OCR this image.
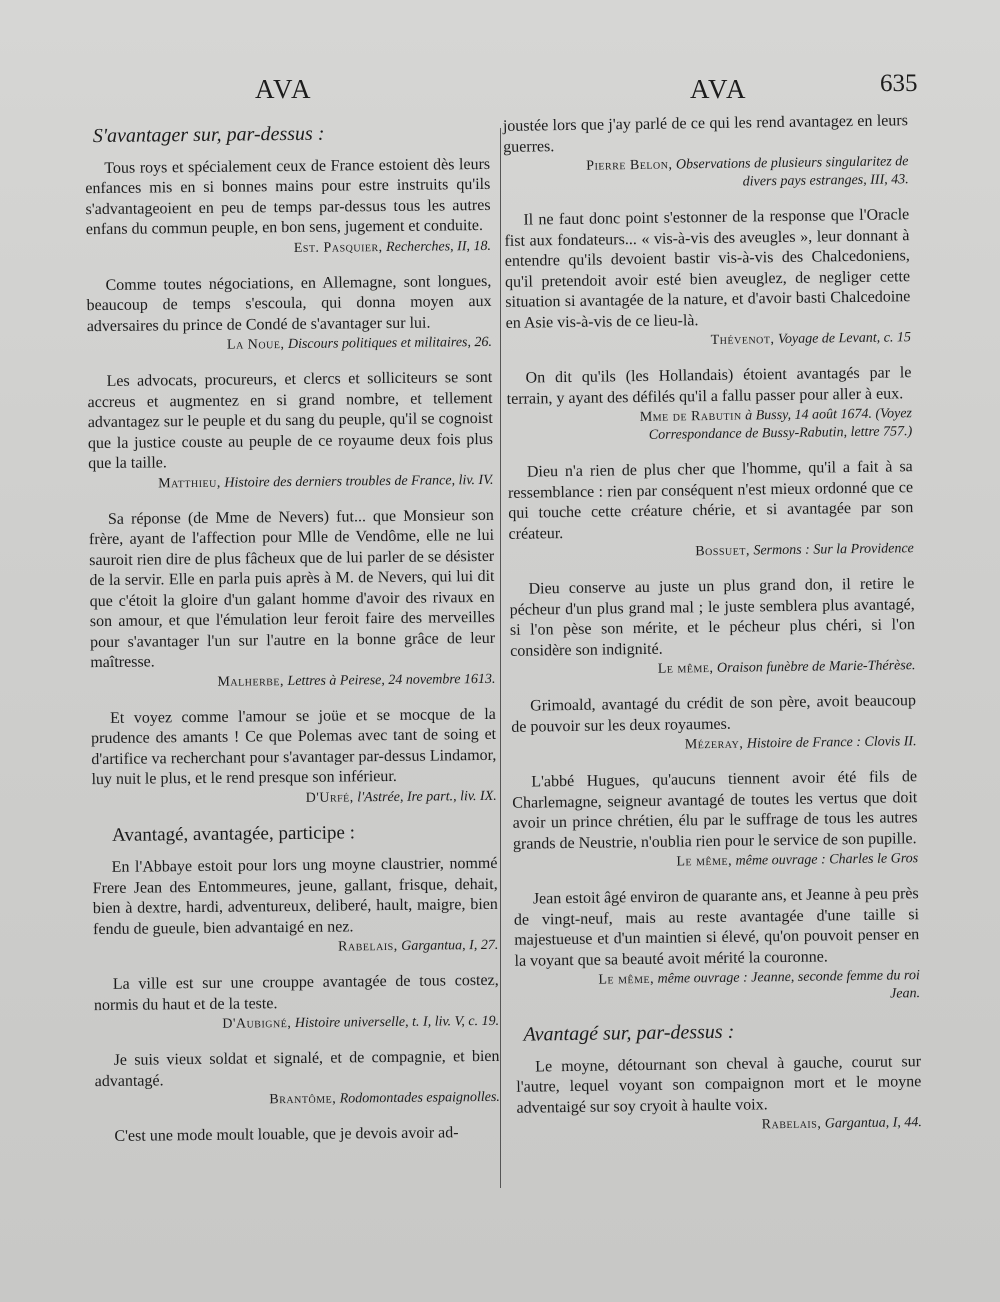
AVA	AVA	635
S'avantager sur, par-dessus :

Tous roys et spécialement ceux de France estoient dès leurs enfances mis en si bonnes mains pour estre instruits qu'ils s'advantageoient en peu de temps par-dessus tous les autres enfans du commun peuple, en bon sens, jugement et conduite.

Est. Pasquier, Recherches, II, 18.

Comme toutes négociations, en Allemagne, sont longues, beaucoup de temps s'escoula, qui donna moyen aux adversaires du prince de Condé de s'avantager sur lui.

La Noue, Discours politiques et militaires, 26.

Les advocats, procureurs, et clercs et solliciteurs se sont accreus et augmentez en si grand nombre, et tellement advantagez sur le peuple et du sang du peuple, qu'il se cognoist que la justice couste au peuple de ce royaume deux fois plus que la taille.

Matthieu, Histoire des derniers troubles de France, liv. IV.

Sa réponse (de Mme de Nevers) fut... que Monsieur son frère, ayant de l'affection pour Mlle de Vendôme, elle ne lui sauroit rien dire de plus fâcheux que de lui parler de se désister de la servir. Elle en parla puis après à M. de Nevers, qui lui dit que c'étoit la gloire d'un galant homme d'avoir des rivaux en son amour, et que l'émulation leur feroit faire des merveilles pour s'avantager l'un sur l'autre en la bonne grâce de leur maîtresse.

Malherbe, Lettres à Peirese, 24 novembre 1613.

Et voyez comme l'amour se joüe et se mocque de la prudence des amants ! Ce que Polemas avec tant de soing et d'artifice va recherchant pour s'avantager par-dessus Lindamor, luy nuit le plus, et le rend presque son inférieur.

D'Urfé, l'Astrée, Ire part., liv. IX.
Avantagé, avantagée, participe :

En l'Abbaye estoit pour lors ung moyne claustrier, nommé Frere Jean des Entommeures, jeune, gallant, frisque, dehait, bien à dextre, hardi, adventureux, deliberé, hault, maigre, bien fendu de gueule, bien advantaigé en nez.

Rabelais, Gargantua, I, 27.

La ville est sur une crouppe avantagée de tous costez, normis du haut et de la teste.

D'Aubigné, Histoire universelle, t. I, liv. V, c. 19.

Je suis vieux soldat et signalé, et de compagnie, et bien advantagé.

Brantôme, Rodomontades espaignolles.

C'est une mode moult louable, que je devois avoir ad-

joustée lors que j'ay parlé de ce qui les rend avantagez en leurs guerres.

Pierre Belon, Observations de plusieurs singularitez de divers pays estranges, III, 43.

Il ne faut donc point s'estonner de la response que l'Oracle fist aux fondateurs... « vis-à-vis des aveugles », leur donnant à entendre qu'ils devoient bastir vis-à-vis des Chalcedoniens, qu'il pretendoit avoir esté bien aveuglez, de negliger cette situation si avantagée de la nature, et d'avoir basti Chalcedoine en Asie vis-à-vis de ce lieu-là.

Thévenot, Voyage de Levant, c. 15

On dit qu'ils (les Hollandais) étoient avantagés par le terrain, y ayant des défilés qu'il a fallu passer pour aller à eux.

Mme de Rabutin à Bussy, 14 août 1674. (Voyez Correspondance de Bussy-Rabutin, lettre 757.)

Dieu n'a rien de plus cher que l'homme, qu'il a fait à sa ressemblance : rien par conséquent n'est mieux ordonné que ce qui touche cette créature chérie, et si avantagée par son créateur.

Bossuet, Sermons : Sur la Providence

Dieu conserve au juste un plus grand don, il retire le pécheur d'un plus grand mal ; le juste semblera plus avantagé, si l'on pèse son mérite, et le pécheur plus chéri, si l'on considère son indignité.

Le même, Oraison funèbre de Marie-Thérèse.

Grimoald, avantagé du crédit de son père, avoit beaucoup de pouvoir sur les deux royaumes.

Mézeray, Histoire de France : Clovis II.

L'abbé Hugues, qu'aucuns tiennent avoir été fils de Charlemagne, seigneur avantagé de toutes les vertus que doit avoir un prince chrétien, élu par le suffrage de tous les autres grands de Neustrie, n'oublia rien pour le service de son pupille.

Le même, même ouvrage : Charles le Gros

Jean estoit âgé environ de quarante ans, et Jeanne à peu près de vingt-neuf, mais au reste avantagée d'une taille si majestueuse et d'un maintien si élevé, qu'on pouvoit penser en la voyant que sa beauté avoit mérité la couronne.

Le même, même ouvrage : Jeanne, seconde femme du roi Jean.
Avantagé sur, par-dessus :

Le moyne, détournant son cheval à gauche, courut sur l'autre, lequel voyant son compaignon mort et le moyne adventaigé sur soy cryoit à haulte voix.

Rabelais, Gargantua, I, 44.
